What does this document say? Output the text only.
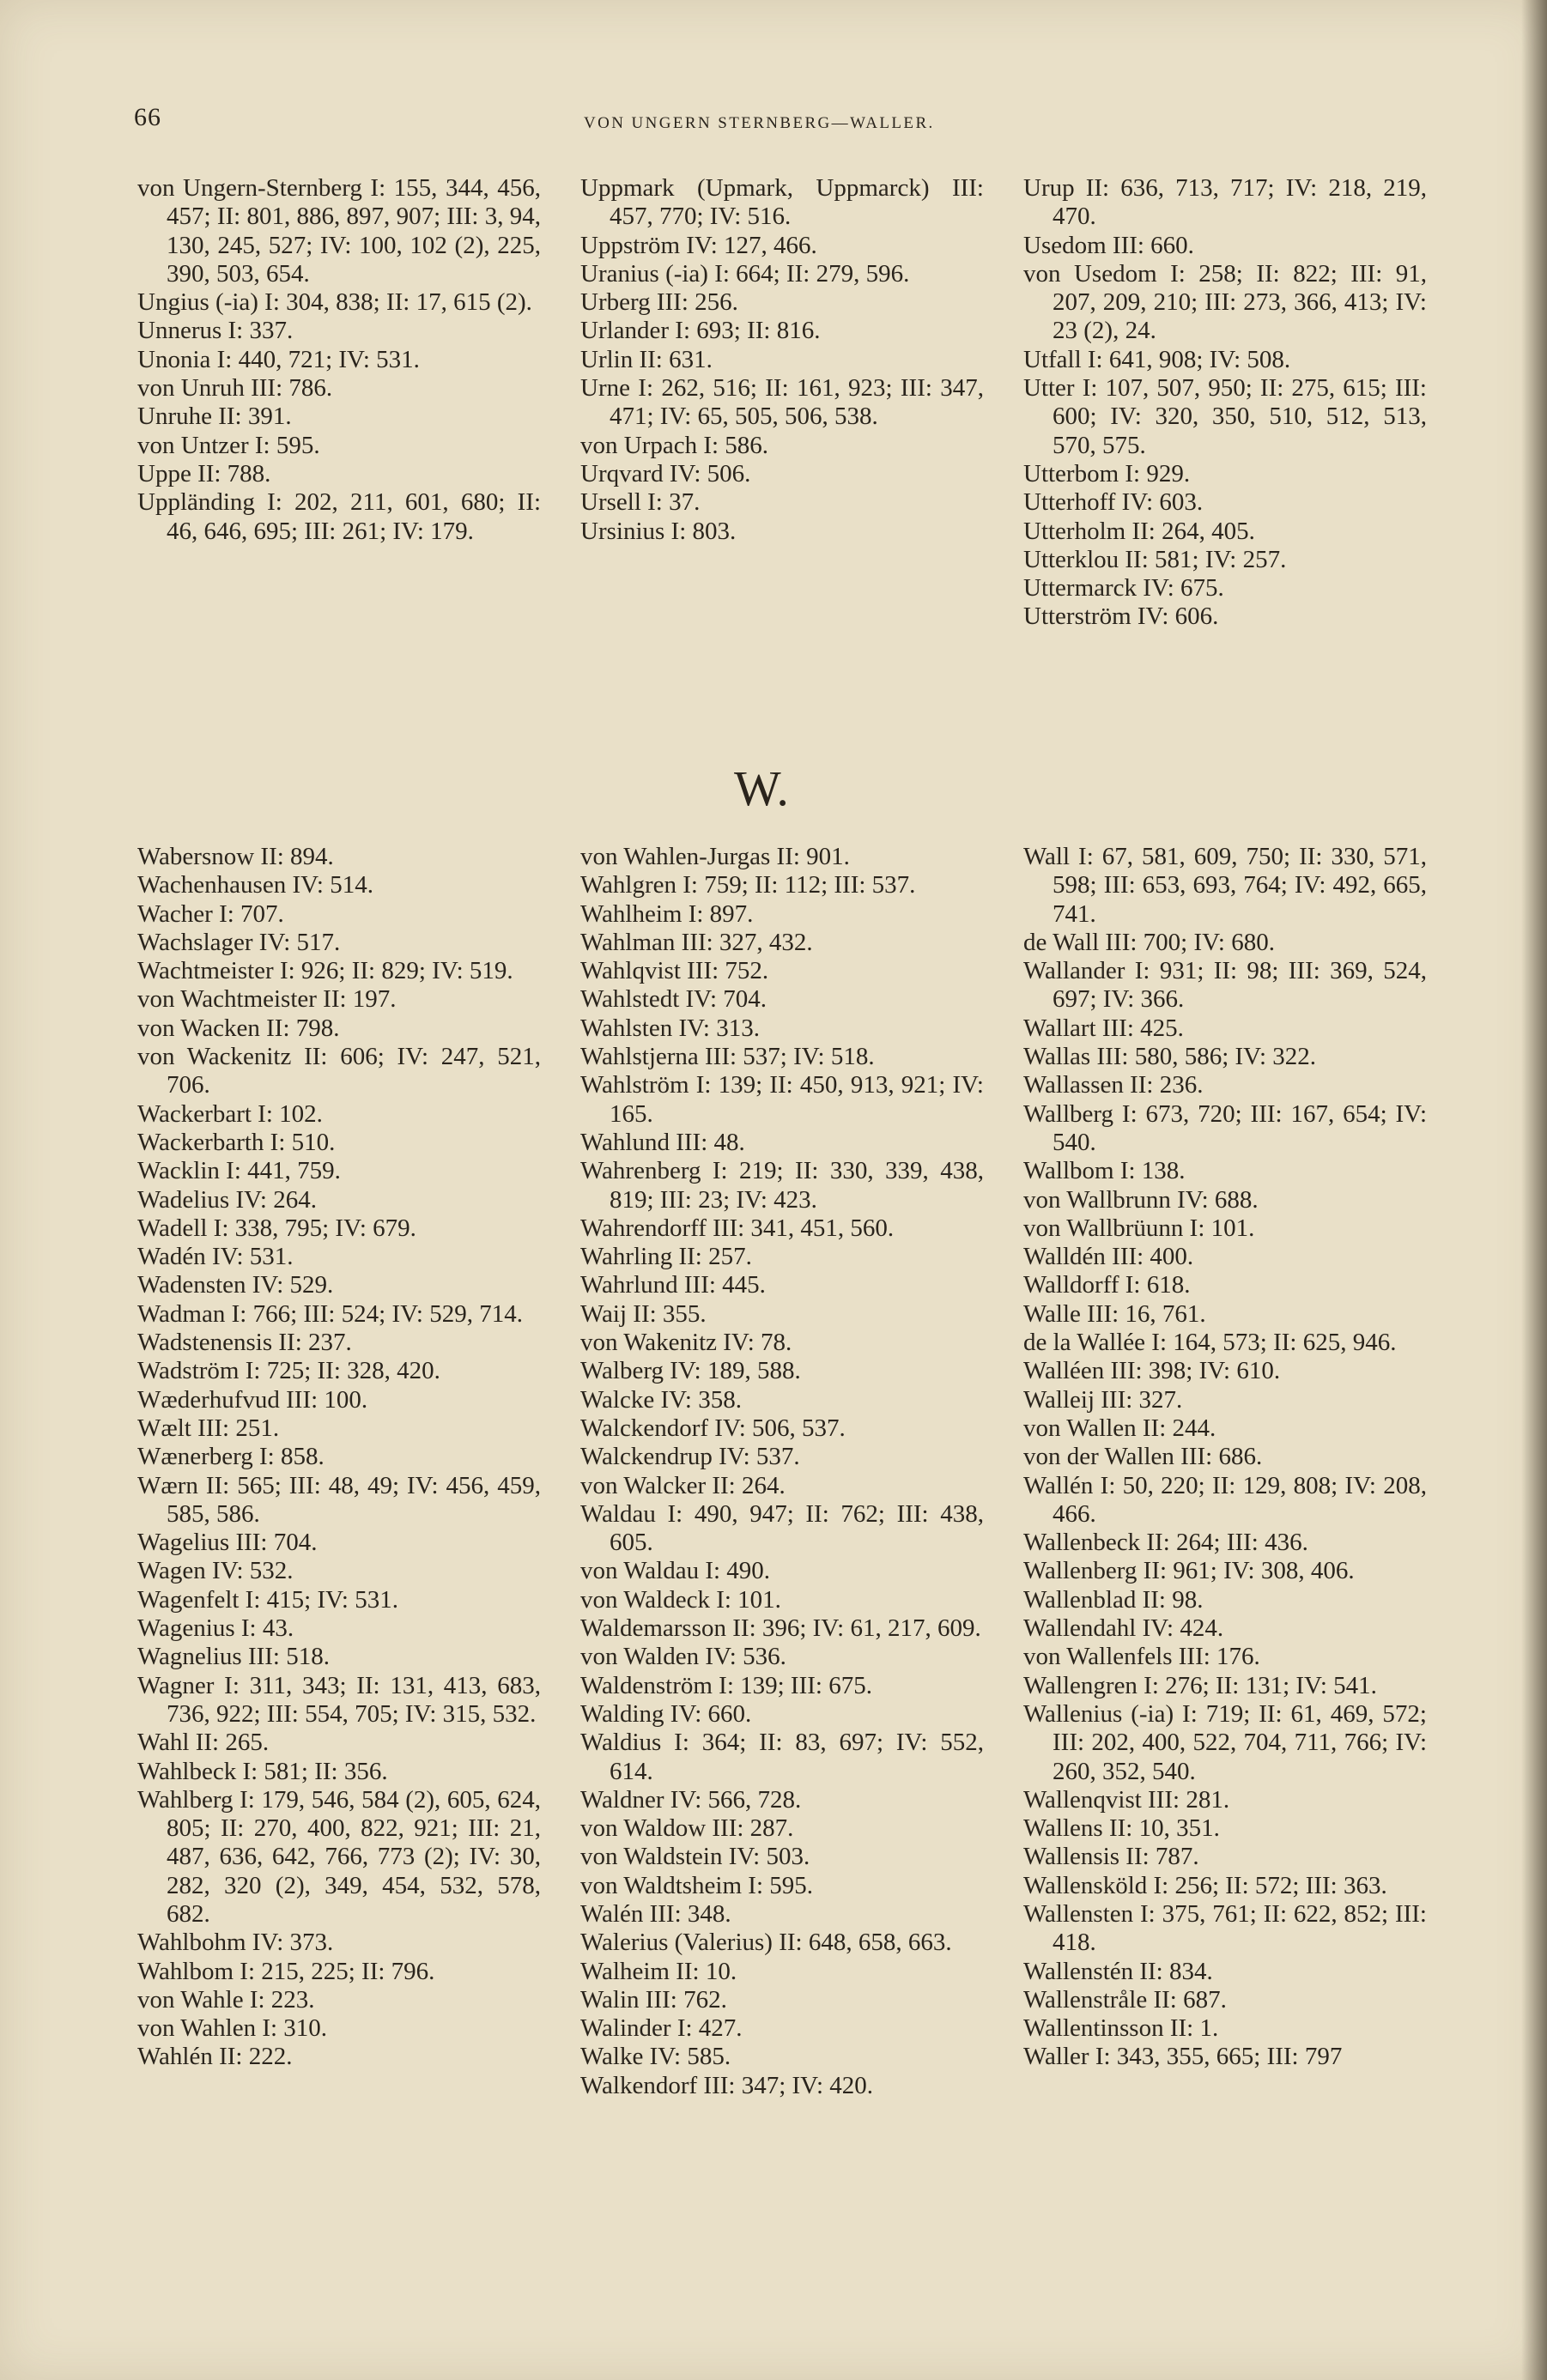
66	VON UNGERN STERNBERG—WALLER.
von Ungern-Sternberg I: 155, 344, 456, 457; II: 801, 886, 897, 907; III: 3, 94, 130, 245, 527; IV: 100, 102 (2), 225, 390, 503, 654.
Ungius (-ia) I: 304, 838; II: 17, 615 (2).
Unnerus I: 337.
Unonia I: 440, 721; IV: 531.
von Unruh III: 786.
Unruhe II: 391.
von Untzer I: 595.
Uppe II: 788.
Uppländing I: 202, 211, 601, 680; II: 46, 646, 695; III: 261; IV: 179.
Uppmark (Upmark, Uppmarck) III: 457, 770; IV: 516.
Uppström IV: 127, 466.
Uranius (-ia) I: 664; II: 279, 596.
Urberg III: 256.
Urlander I: 693; II: 816.
Urlin II: 631.
Urne I: 262, 516; II: 161, 923; III: 347, 471; IV: 65, 505, 506, 538.
von Urpach I: 586.
Urqvard IV: 506.
Ursell I: 37.
Ursinius I: 803.
Urup II: 636, 713, 717; IV: 218, 219, 470.
Usedom III: 660.
von Usedom I: 258; II: 822; III: 91, 207, 209, 210; III: 273, 366, 413; IV: 23 (2), 24.
Utfall I: 641, 908; IV: 508.
Utter I: 107, 507, 950; II: 275, 615; III: 600; IV: 320, 350, 510, 512, 513, 570, 575.
Utterbom I: 929.
Utterhoff IV: 603.
Utterholm II: 264, 405.
Utterklou II: 581; IV: 257.
Uttermarck IV: 675.
Utterström IV: 606.
W.
Wabersnow II: 894.
Wachenhausen IV: 514.
Wacher I: 707.
Wachslager IV: 517.
Wachtmeister I: 926; II: 829; IV: 519.
von Wachtmeister II: 197.
von Wacken II: 798.
von Wackenitz II: 606; IV: 247, 521, 706.
Wackerbart I: 102.
Wackerbarth I: 510.
Wacklin I: 441, 759.
Wadelius IV: 264.
Wadell I: 338, 795; IV: 679.
Wadén IV: 531.
Wadensten IV: 529.
Wadman I: 766; III: 524; IV: 529, 714.
Wadstenensis II: 237.
Wadström I: 725; II: 328, 420.
Wæderhufvud III: 100.
Wælt III: 251.
Wænerberg I: 858.
Wærn II: 565; III: 48, 49; IV: 456, 459, 585, 586.
Wagelius III: 704.
Wagen IV: 532.
Wagenfelt I: 415; IV: 531.
Wagenius I: 43.
Wagnelius III: 518.
Wagner I: 311, 343; II: 131, 413, 683, 736, 922; III: 554, 705; IV: 315, 532.
Wahl II: 265.
Wahlbeck I: 581; II: 356.
Wahlberg I: 179, 546, 584 (2), 605, 624, 805; II: 270, 400, 822, 921; III: 21, 487, 636, 642, 766, 773 (2); IV: 30, 282, 320 (2), 349, 454, 532, 578, 682.
Wahlbohm IV: 373.
Wahlbom I: 215, 225; II: 796.
von Wahle I: 223.
von Wahlen I: 310.
Wahlén II: 222.
von Wahlen-Jurgas II: 901.
Wahlgren I: 759; II: 112; III: 537.
Wahlheim I: 897.
Wahlman III: 327, 432.
Wahlqvist III: 752.
Wahlstedt IV: 704.
Wahlsten IV: 313.
Wahlstjerna III: 537; IV: 518.
Wahlström I: 139; II: 450, 913, 921; IV: 165.
Wahlund III: 48.
Wahrenberg I: 219; II: 330, 339, 438, 819; III: 23; IV: 423.
Wahrendorff III: 341, 451, 560.
Wahrling II: 257.
Wahrlund III: 445.
Waij II: 355.
von Wakenitz IV: 78.
Walberg IV: 189, 588.
Walcke IV: 358.
Walckendorf IV: 506, 537.
Walckendrup IV: 537.
von Walcker II: 264.
Waldau I: 490, 947; II: 762; III: 438, 605.
von Waldau I: 490.
von Waldeck I: 101.
Waldemarsson II: 396; IV: 61, 217, 609.
von Walden IV: 536.
Waldenström I: 139; III: 675.
Walding IV: 660.
Waldius I: 364; II: 83, 697; IV: 552, 614.
Waldner IV: 566, 728.
von Waldow III: 287.
von Waldstein IV: 503.
von Waldtsheim I: 595.
Walén III: 348.
Walerius (Valerius) II: 648, 658, 663.
Walheim II: 10.
Walin III: 762.
Walinder I: 427.
Walke IV: 585.
Walkendorf III: 347; IV: 420.
Wall I: 67, 581, 609, 750; II: 330, 571, 598; III: 653, 693, 764; IV: 492, 665, 741.
de Wall III: 700; IV: 680.
Wallander I: 931; II: 98; III: 369, 524, 697; IV: 366.
Wallart III: 425.
Wallas III: 580, 586; IV: 322.
Wallassen II: 236.
Wallberg I: 673, 720; III: 167, 654; IV: 540.
Wallbom I: 138.
von Wallbrunn IV: 688.
von Wallbrüunn I: 101.
Walldén III: 400.
Walldorff I: 618.
Walle III: 16, 761.
de la Wallée I: 164, 573; II: 625, 946.
Walléen III: 398; IV: 610.
Walleij III: 327.
von Wallen II: 244.
von der Wallen III: 686.
Wallén I: 50, 220; II: 129, 808; IV: 208, 466.
Wallenbeck II: 264; III: 436.
Wallenberg II: 961; IV: 308, 406.
Wallenblad II: 98.
Wallendahl IV: 424.
von Wallenfels III: 176.
Wallengren I: 276; II: 131; IV: 541.
Wallenius (-ia) I: 719; II: 61, 469, 572; III: 202, 400, 522, 704, 711, 766; IV: 260, 352, 540.
Wallenqvist III: 281.
Wallens II: 10, 351.
Wallensis II: 787.
Wallensköld I: 256; II: 572; III: 363.
Wallensten I: 375, 761; II: 622, 852; III: 418.
Wallenstén II: 834.
Wallenstråle II: 687.
Wallentinsson II: 1.
Waller I: 343, 355, 665; III: 797
